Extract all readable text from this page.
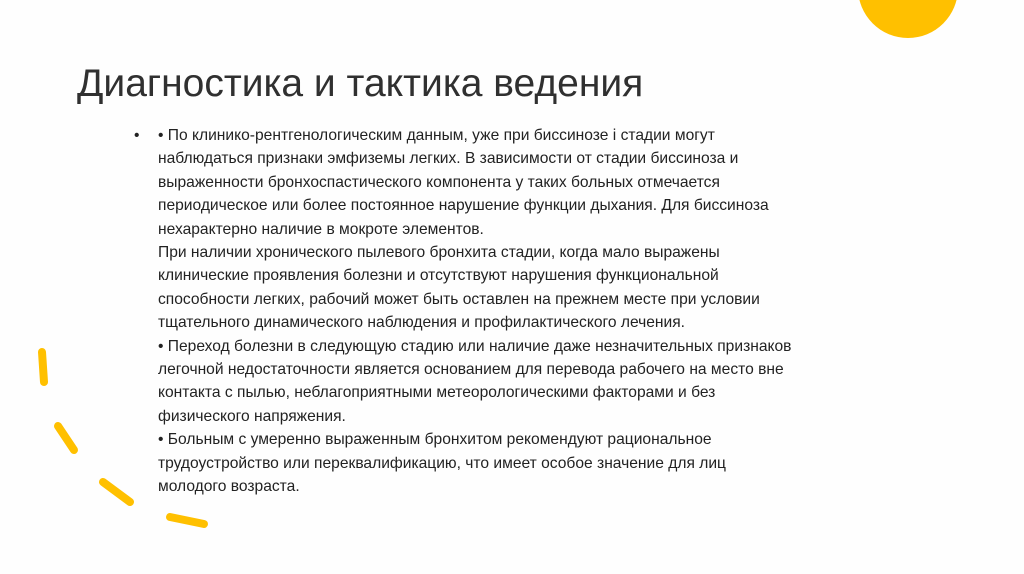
Диагностика и тактика ведения
• • По клинико-рентгенологическим данным, уже при биссинозе i стадии могут
наблюдаться признаки эмфиземы легких. В зависимости от стадии биссиноза и
выраженности бронхоспастического компонента у таких больных отмечается
периодическое или более постоянное нарушение функции дыхания. Для биссиноза
нехарактерно наличие в мокроте элементов.
При наличии хронического пылевого бронхита стадии, когда мало выражены
клинические проявления болезни и отсутствуют нарушения функциональной
способности легких, рабочий может быть оставлен на прежнем месте при условии
тщательного динамического наблюдения и профилактического лечения.
• Переход болезни в следующую стадию или наличие даже незначительных признаков
легочной недостаточности является основанием для перевода рабочего на место вне
контакта с пылью, неблагоприятными метеорологическими факторами и без
физического напряжения.
• Больным с умеренно выраженным бронхитом рекомендуют рациональное
трудоустройство или переквалификацию, что имеет особое значение для лиц
молодого возраста.
